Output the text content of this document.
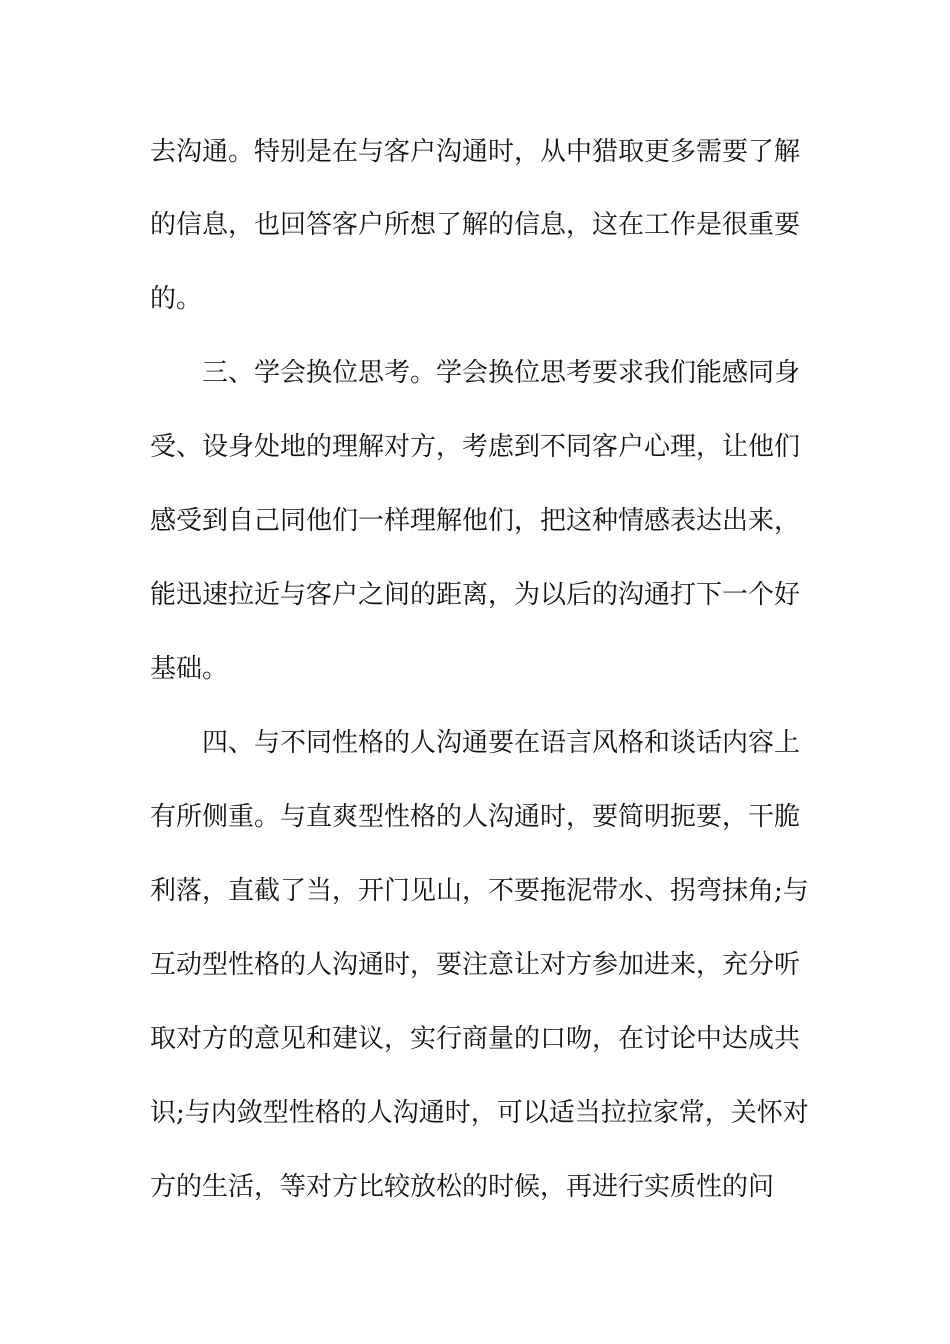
去沟通。特别是在与客户沟通时，从中猎取更多需要了解
的信息，也回答客户所想了解的信息，这在工作是很重要
的。
三、学会换位思考。学会换位思考要求我们能感同身
受、设身处地的理解对方，考虑到不同客户心理，让他们
感受到自己同他们一样理解他们，把这种情感表达出来，
能迅速拉近与客户之间的距离，为以后的沟通打下一个好
基础。
四、与不同性格的人沟通要在语言风格和谈话内容上
有所侧重。与直爽型性格的人沟通时，要简明扼要，干脆
利落，直截了当，开门见山，不要拖泥带水、拐弯抹角;与
互动型性格的人沟通时，要注意让对方参加进来，充分听
取对方的意见和建议，实行商量的口吻，在讨论中达成共
识;与内敛型性格的人沟通时，可以适当拉拉家常，关怀对
方的生活，等对方比较放松的时候，再进行实质性的问
